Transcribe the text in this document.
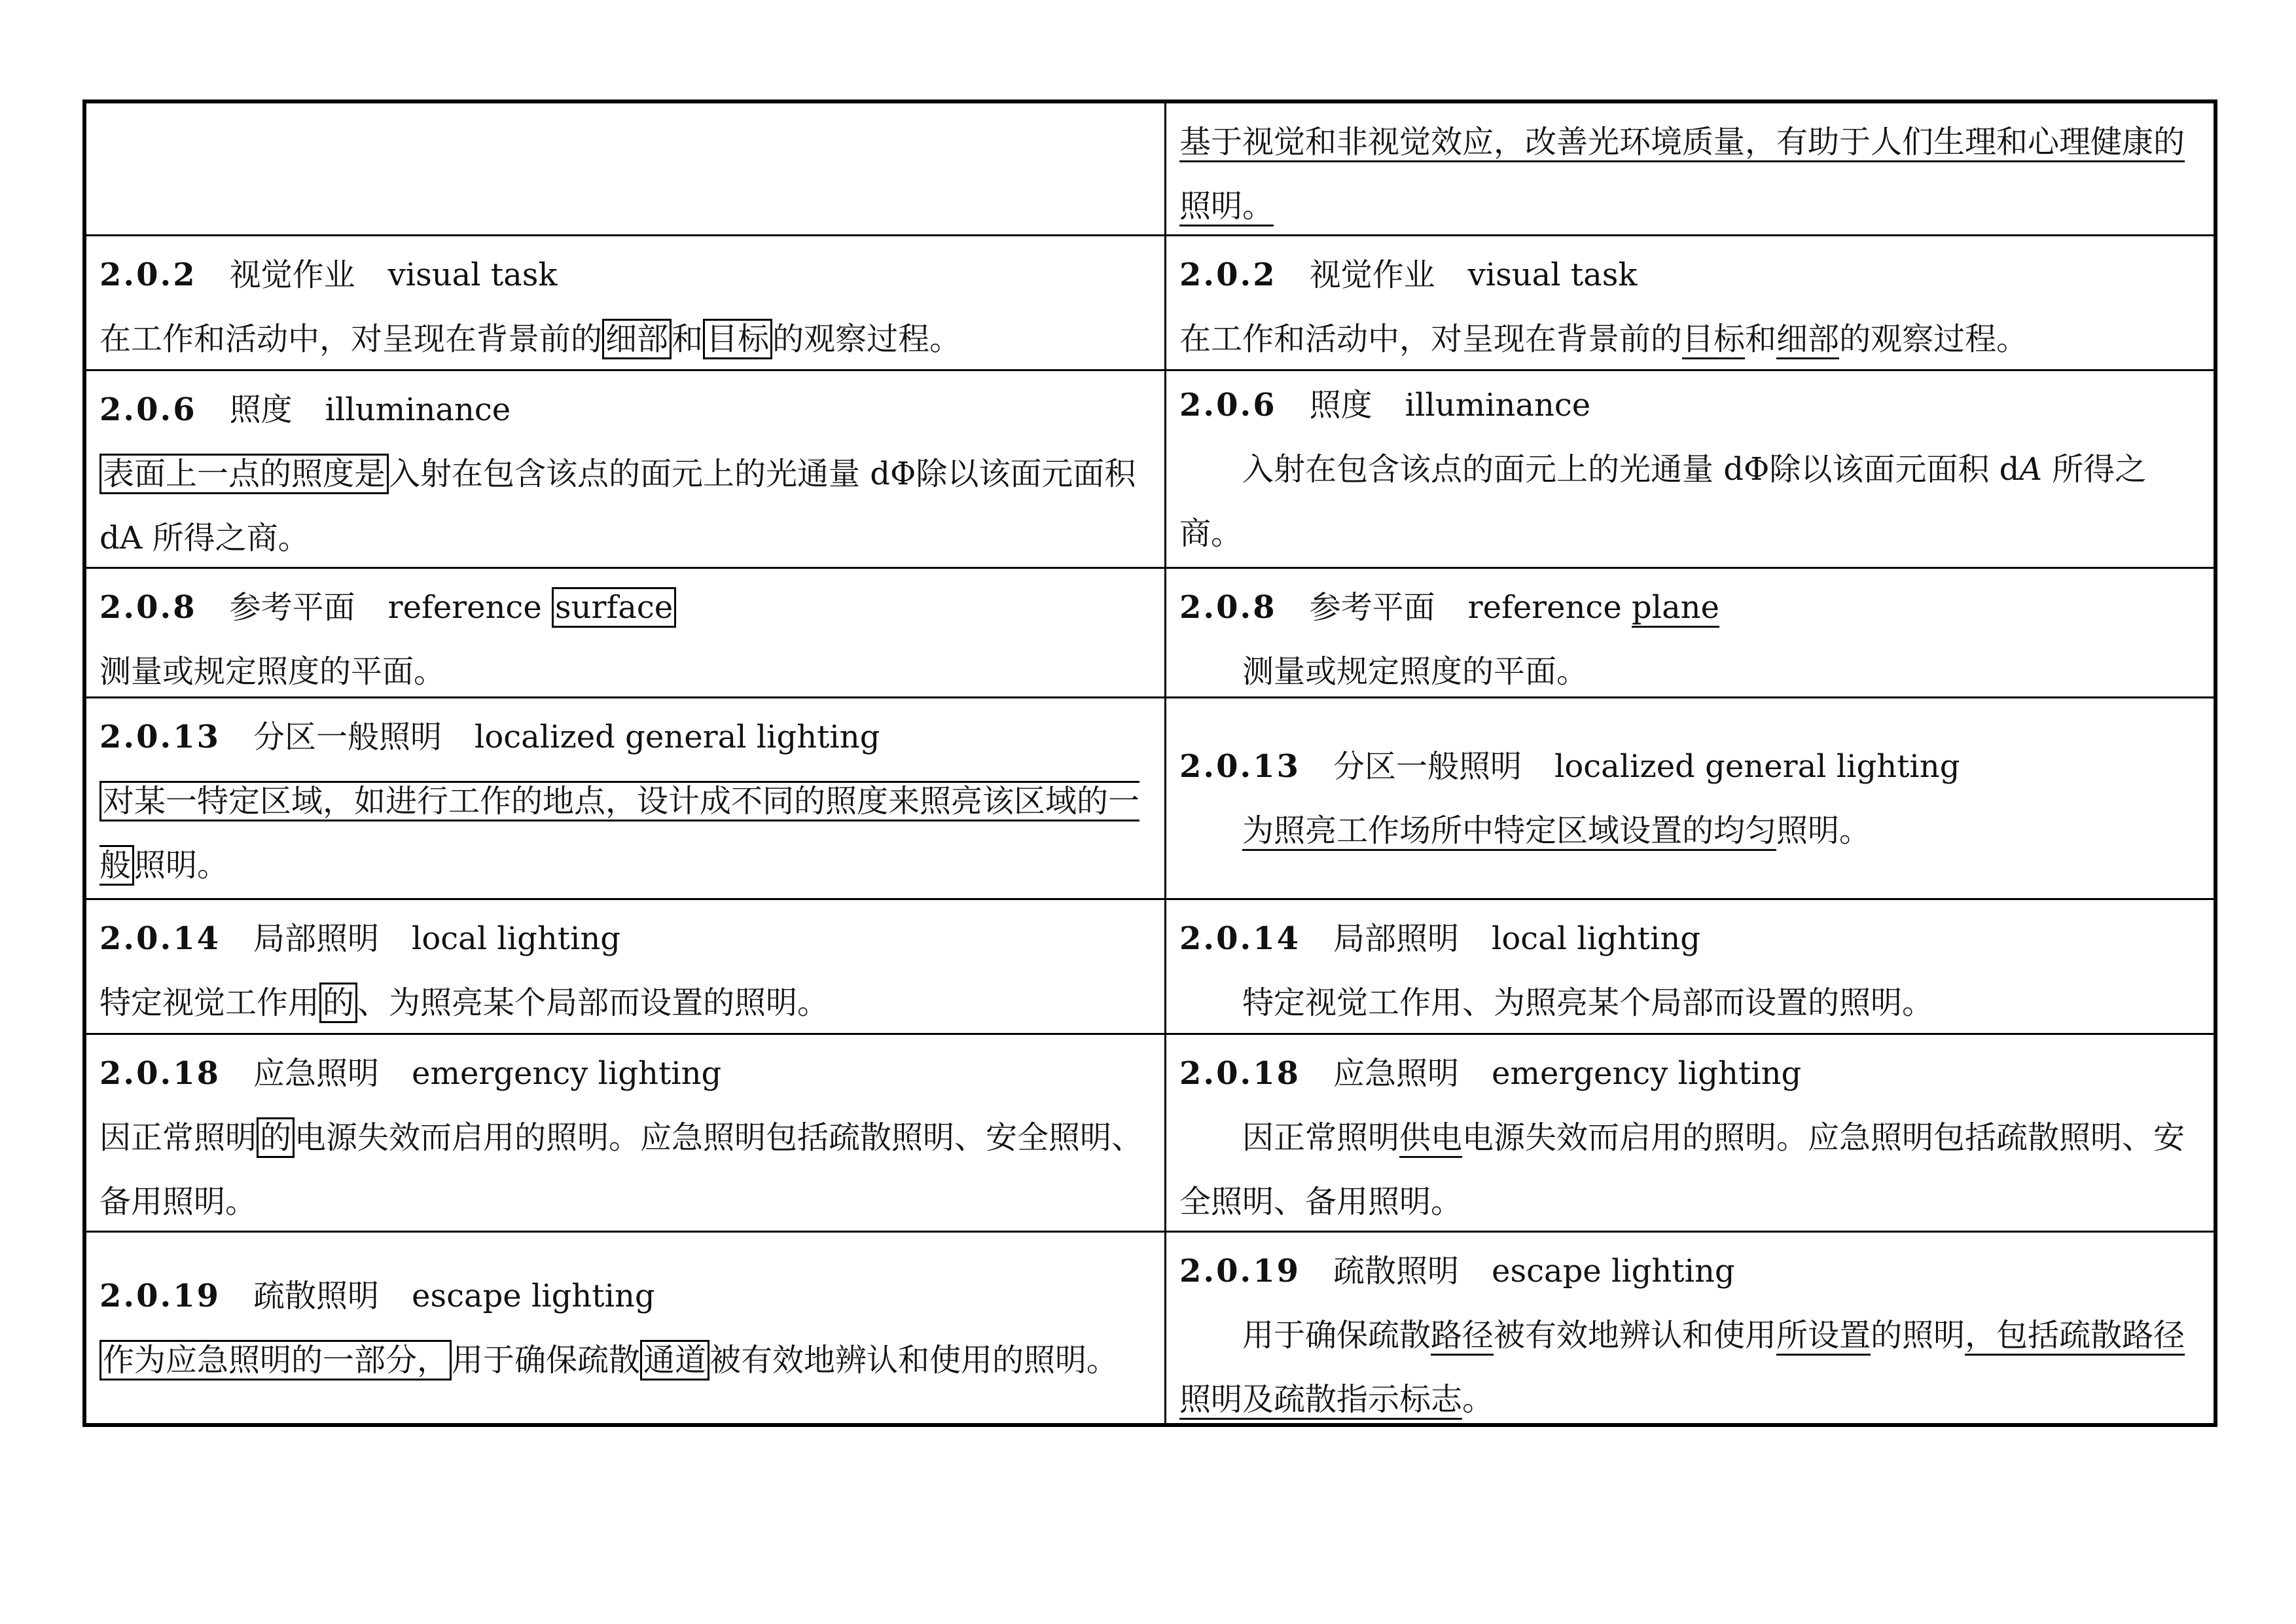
基于视觉和非视觉效应，改善光环境质量，有助于人们生理和心理健康的照明。
2.0.2 视觉作业 visual task
在工作和活动中，对呈现在背景前的 细部 和 目标 的观察过程。
2.0.2 视觉作业 visual task
在工作和活动中，对呈现在背景前的目标和细部的观察过程。
2.0.6 照度 illuminance
表面上一点的照度是 入射在包含该点的面元上的光通量 dΦ除以该面元面积 dA 所得之商。
2.0.6 照度 illuminance
入射在包含该点的面元上的光通量 dΦ除以该面元面积 dA 所得之商。
2.0.8 参考平面 reference surface
测量或规定照度的平面。
2.0.8 参考平面 reference plane
测量或规定照度的平面。
2.0.13 分区一般照明 localized general lighting
对某一特定区域，如进行工作的地点，设计成不同的照度来照亮该区域的一般 照明。
2.0.13 分区一般照明 localized general lighting
为照亮工作场所中特定区域设置的均匀照明。
2.0.14 局部照明 local lighting
特定视觉工作用 的 、为照亮某个局部而设置的照明。
2.0.14 局部照明 local lighting
特定视觉工作用、为照亮某个局部而设置的照明。
2.0.18 应急照明 emergency lighting
因正常照明 的 电源失效而启用的照明。应急照明包括疏散照明、安全照明、备用照明。
2.0.18 应急照明 emergency lighting
因正常照明供电电源失效而启用的照明。应急照明包括疏散照明、安全照明、备用照明。
2.0.19 疏散照明 escape lighting
作为应急照明的一部分， 用于确保疏散 通道 被有效地辨认和使用的照明。
2.0.19 疏散照明 escape lighting
用于确保疏散路径被有效地辨认和使用所设置的照明，包括疏散路径照明及疏散指示标志。
